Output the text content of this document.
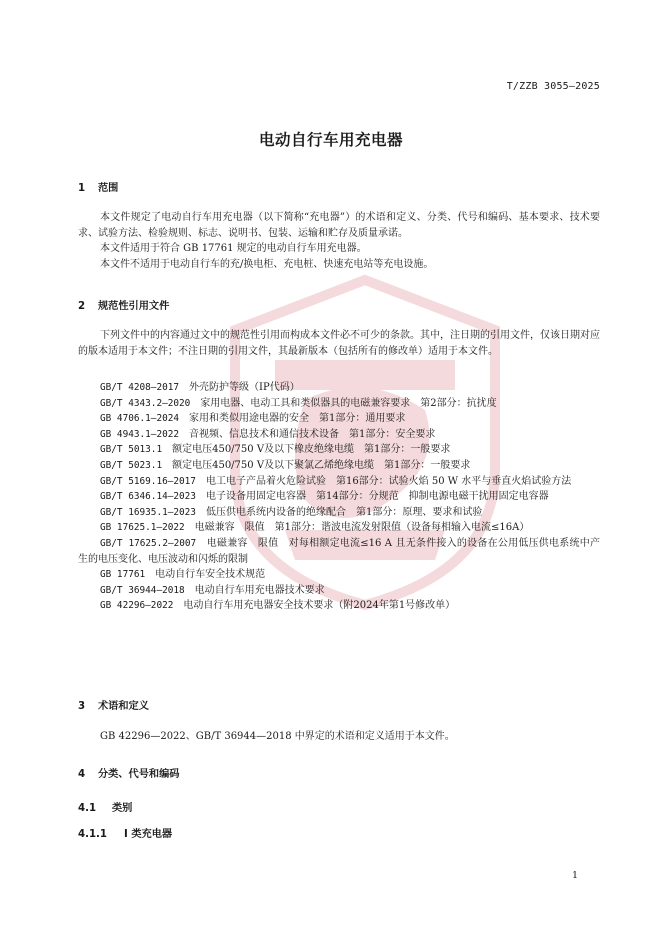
T/ZZB 3055—2025
电动自行车用充电器
1 范围

本文件规定了电动自行车用充电器（以下简称“充电器”）的术语和定义、分类、代号和编码、基本要求、技术要求、试验方法、检验规则、标志、说明书、包装、运输和贮存及质量承诺。

本文件适用于符合 GB 17761 规定的电动自行车用充电器。

本文件不适用于电动自行车的充/换电柜、充电桩、快速充电站等充电设施。

2 规范性引用文件

下列文件中的内容通过文中的规范性引用而构成本文件必不可少的条款。其中，注日期的引用文件，仅该日期对应的版本适用于本文件；不注日期的引用文件，其最新版本（包括所有的修改单）适用于本文件。

GB/T 4208—2017　 外壳防护等级（IP代码）
GB/T 4343.2—2020　 家用电器、电动工具和类似器具的电磁兼容要求　第2部分：抗扰度
GB 4706.1—2024　 家用和类似用途电器的安全　第1部分：通用要求
GB 4943.1—2022　 音视频、信息技术和通信技术设备　第1部分：安全要求
GB/T 5013.1　 额定电压450/750 V及以下橡皮绝缘电缆　第1部分：一般要求
GB/T 5023.1　 额定电压450/750 V及以下聚氯乙烯绝缘电缆　第1部分：一般要求
GB/T 5169.16—2017　 电工电子产品着火危险试验　第16部分：试验火焰 50 W 水平与垂直火焰试验方法
GB/T 6346.14—2023　 电子设备用固定电容器　第14部分：分规范　抑制电源电磁干扰用固定电容器
GB/T 16935.1—2023　 低压供电系统内设备的绝缘配合　第1部分：原理、要求和试验
GB 17625.1—2022　 电磁兼容　限值　第1部分：谐波电流发射限值（设备每相输入电流≤16A）
GB/T 17625.2—2007　 电磁兼容　限值　对每相额定电流≤16 A 且无条件接入的设备在公用低压供电系统中产生的电压变化、电压波动和闪烁的限制
GB 17761　 电动自行车安全技术规范
GB/T 36944—2018　 电动自行车用充电器技术要求
GB 42296—2022　 电动自行车用充电器安全技术要求（附2024年第1号修改单）
3 术语和定义

GB 42296—2022、GB/T 36944—2018 中界定的术语和定义适用于本文件。

4 分类、代号和编码
4.1 类别
4.1.1 Ⅰ 类充电器
1
